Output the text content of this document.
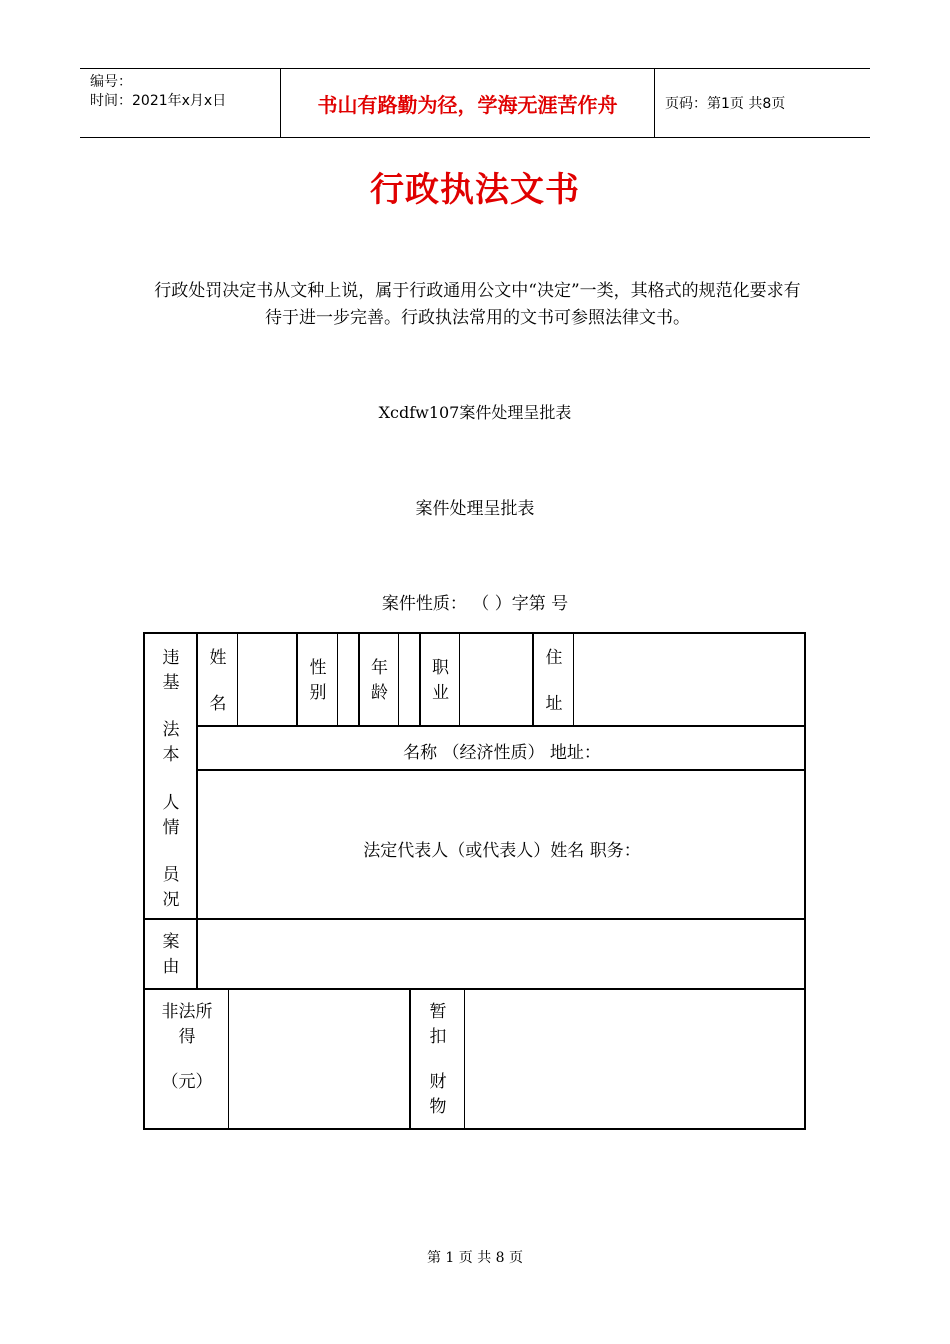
编号：
时间：2021年x月x日	书山有路勤为径，学海无涯苦作舟	页码：第1页 共8页
行政执法文书
行政处罚决定书从文种上说，属于行政通用公文中“决定”一类，其格式的规范化要求有待于进一步完善。行政执法常用的文书可参照法律文书。
Xcdfw107案件处理呈批表
案件处理呈批表
案件性质： （ ）字第 号
违
基
法
本
人
情
员
况
姓
名
性
别
年
龄
职
业
住
址
名称 （经济性质） 地址：
法定代表人（或代表人）姓名 职务：
案
由
非法所
得
（元）
暂
扣
财
物
第 1 页 共 8 页
